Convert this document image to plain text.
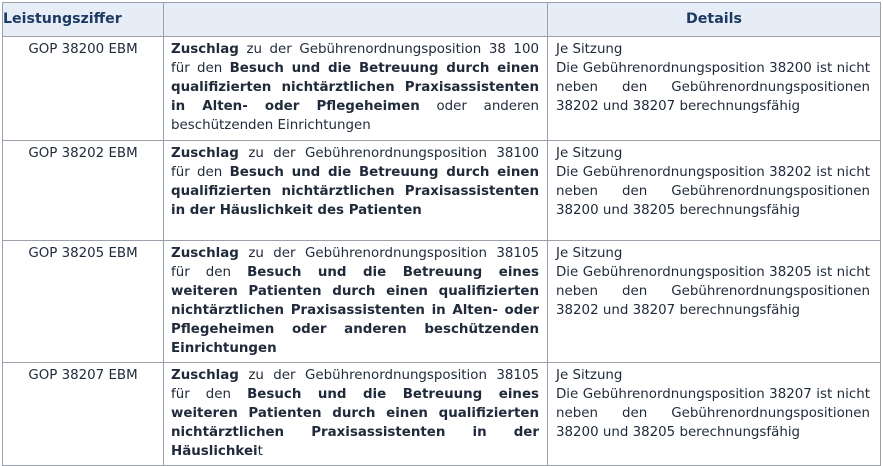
Leistungsziffer		Details
GOP 38200 EBM	Zuschlag zu der Gebührenordnungsposition 38 100 für den Besuch und die Betreuung durch einen qualifizierten nichtärztlichen Praxisassistenten in Alten- oder Pflegeheimen oder anderen beschützenden Einrichtungen	Je Sitzung
Die Gebührenordnungsposition 38200 ist nicht neben den Gebührenordnungspositionen 38202 und 38207 berechnungsfähig

GOP 38202 EBM	Zuschlag zu der Gebührenordnungsposition 38100 für den Besuch und die Betreuung durch einen qualifizierten nichtärztlichen Praxisassistenten in der Häuslichkeit des Patienten	Je Sitzung
Die Gebührenordnungsposition 38202 ist nicht neben den Gebührenordnungspositionen 38200 und 38205 berechnungsfähig

GOP 38205 EBM	Zuschlag zu der Gebührenordnungsposition 38105 für den Besuch und die Betreuung eines weiteren Patienten durch einen qualifizierten nichtärztlichen Praxisassistenten in Alten- oder Pflegeheimen oder anderen beschützenden Einrichtungen	Je Sitzung
Die Gebührenordnungsposition 38205 ist nicht neben den Gebührenordnungspositionen 38202 und 38207 berechnungsfähig

GOP 38207 EBM	Zuschlag zu der Gebührenordnungsposition 38105 für den Besuch und die Betreuung eines weiteren Patienten durch einen qualifizierten nichtärztlichen Praxisassistenten in der Häuslichkeit	Je Sitzung
Die Gebührenordnungsposition 38207 ist nicht neben den Gebührenordnungspositionen 38200 und 38205 berechnungsfähig
